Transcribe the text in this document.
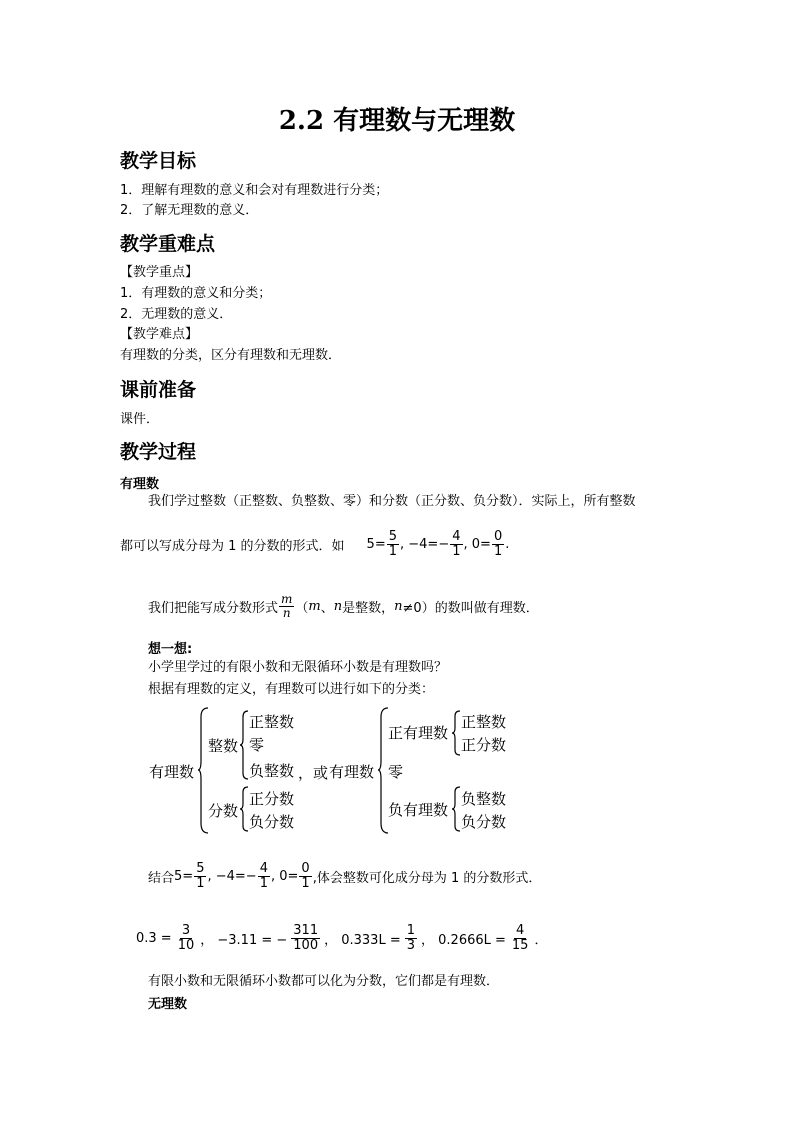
2.2 有理数与无理数
教学目标
1．理解有理数的意义和会对有理数进行分类；
2．了解无理数的意义．
教学重难点
【教学重点】
1．有理数的意义和分类；
2．无理数的意义．
【教学难点】
有理数的分类，区分有理数和无理数．
课前准备
课件．
教学过程
有理数
我们学过整数（正整数、负整数、零）和分数（正分数、负分数）．实际上，所有整数
都可以写成分母为 1 的分数的形式．如 $5= \frac{5}{1}$ , $-4=- \frac{4}{1}$ , $0= \frac{0}{1}$ .
我们把能写成分数形式 $\frac{m}{n}$ （ m 、 n 是整数， n ≠0）的数叫做有理数．
想一想:
小学里学过的有限小数和无限循环小数是有理数吗？
根据有理数的定义，有理数可以进行如下的分类：
有理数
整数
正整数
零
负整数
分数
正分数
负分数
，或 有理数
正有理数
正整数
正分数
零
负有理数
负整数
负分数
结合 $5= \frac{5}{1}$ , $-4=- \frac{4}{1}$ , $0= \frac{0}{1}$ ,体会整数可化成分母为 1 的分数形式．
$0.3 = \frac{3}{10}$ ， −3.11 = − $\frac{311}{100}$ ， $0.333L = \frac{1}{3}$ ， $0.2666L = \frac{4}{15}$ ．
有限小数和无限循环小数都可以化为分数，它们都是有理数．
无理数
